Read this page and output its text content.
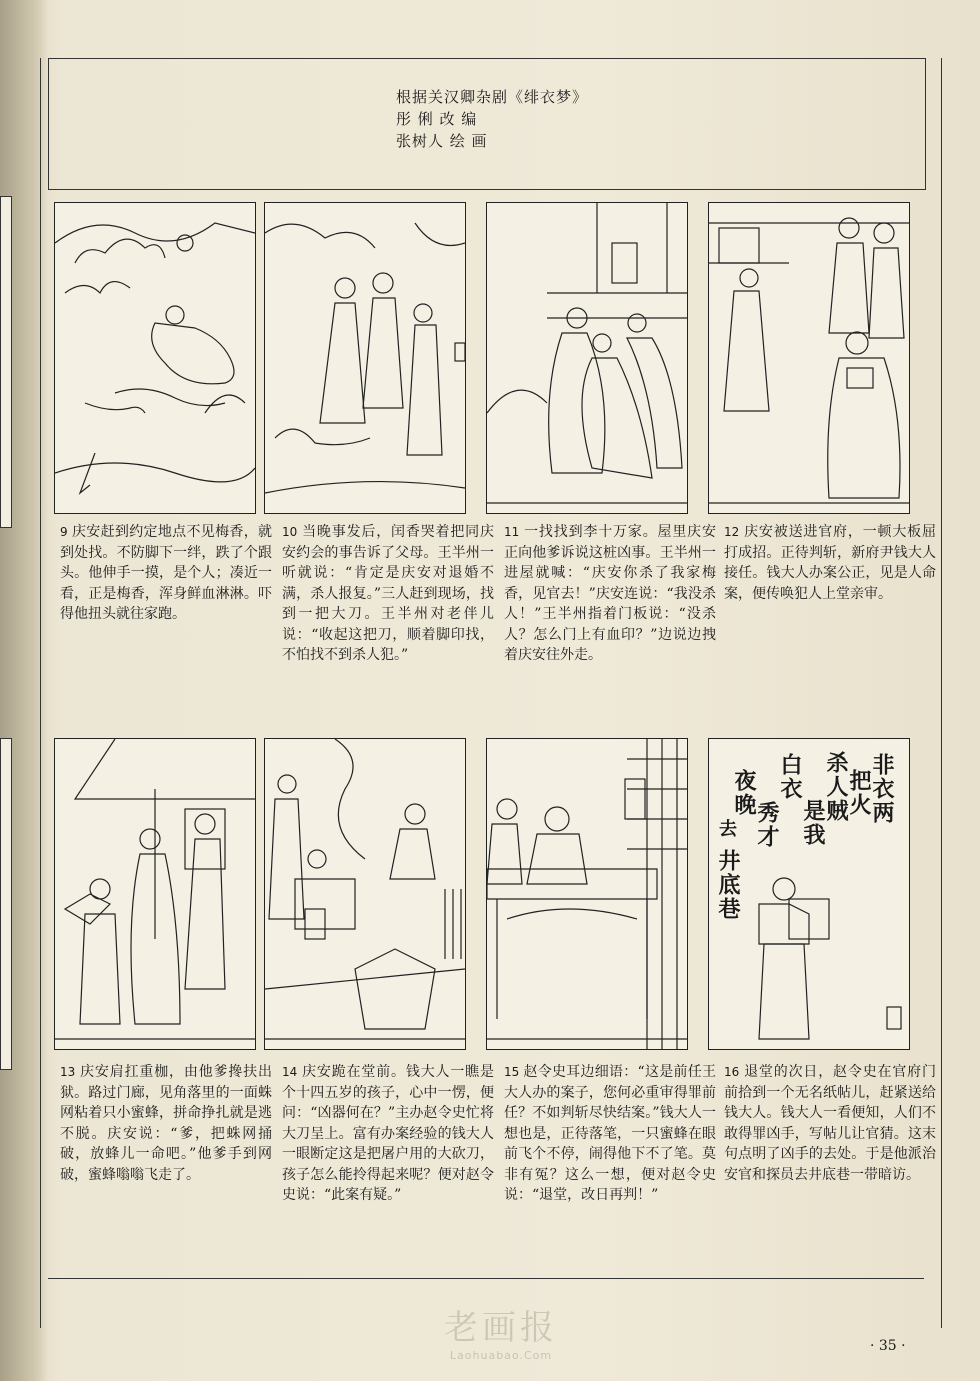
根据关汉卿杂剧《绯衣梦》
彤 俐 改 编
张树人 绘 画
9 庆安赶到约定地点不见梅香，就到处找。不防脚下一绊，跌了个跟头。他伸手一摸，是个人；凑近一看，正是梅香，浑身鲜血淋淋。吓得他扭头就往家跑。
10 当晚事发后，闰香哭着把同庆安约会的事告诉了父母。王半州一听就说：“肯定是庆安对退婚不满，杀人报复。”三人赶到现场，找到一把大刀。王半州对老伴儿说：“收起这把刀，顺着脚印找，不怕找不到杀人犯。”
11 一找找到李十万家。屋里庆安正向他爹诉说这桩凶事。王半州一进屋就喊：“庆安你杀了我家梅香，见官去！”庆安连说：“我没杀人！”王半州指着门板说：“没杀人？怎么门上有血印？”边说边拽着庆安往外走。
12 庆安被送进官府，一顿大板屈打成招。正待判斩，新府尹钱大人接任。钱大人办案公正，见是人命案，便传唤犯人上堂亲审。
非衣两
把火
杀人贼
是我
白衣
秀才
夜晚
去
井底巷
13 庆安肩扛重枷，由他爹搀扶出狱。路过门廊，见角落里的一面蛛网粘着只小蜜蜂，拼命挣扎就是逃不脱。庆安说：“爹，把蛛网捅破，放蜂儿一命吧。”他爹手到网破，蜜蜂嗡嗡飞走了。
14 庆安跪在堂前。钱大人一瞧是个十四五岁的孩子，心中一愣，便问：“凶器何在？”主办赵令史忙将大刀呈上。富有办案经验的钱大人一眼断定这是把屠户用的大砍刀，孩子怎么能拎得起来呢？便对赵令史说：“此案有疑。”
15 赵令史耳边细语：“这是前任王大人办的案子，您何必重审得罪前任？不如判斩尽快结案。”钱大人一想也是，正待落笔，一只蜜蜂在眼前飞个不停，闹得他下不了笔。莫非有冤？这么一想，便对赵令史说：“退堂，改日再判！”
16 退堂的次日，赵令史在官府门前拾到一个无名纸帖儿，赶紧送给钱大人。钱大人一看便知，人们不敢得罪凶手，写帖儿让官猜。这末句点明了凶手的去处。于是他派治安官和探员去井底巷一带暗访。
老画报
Laohuabao.Com
· 35 ·
